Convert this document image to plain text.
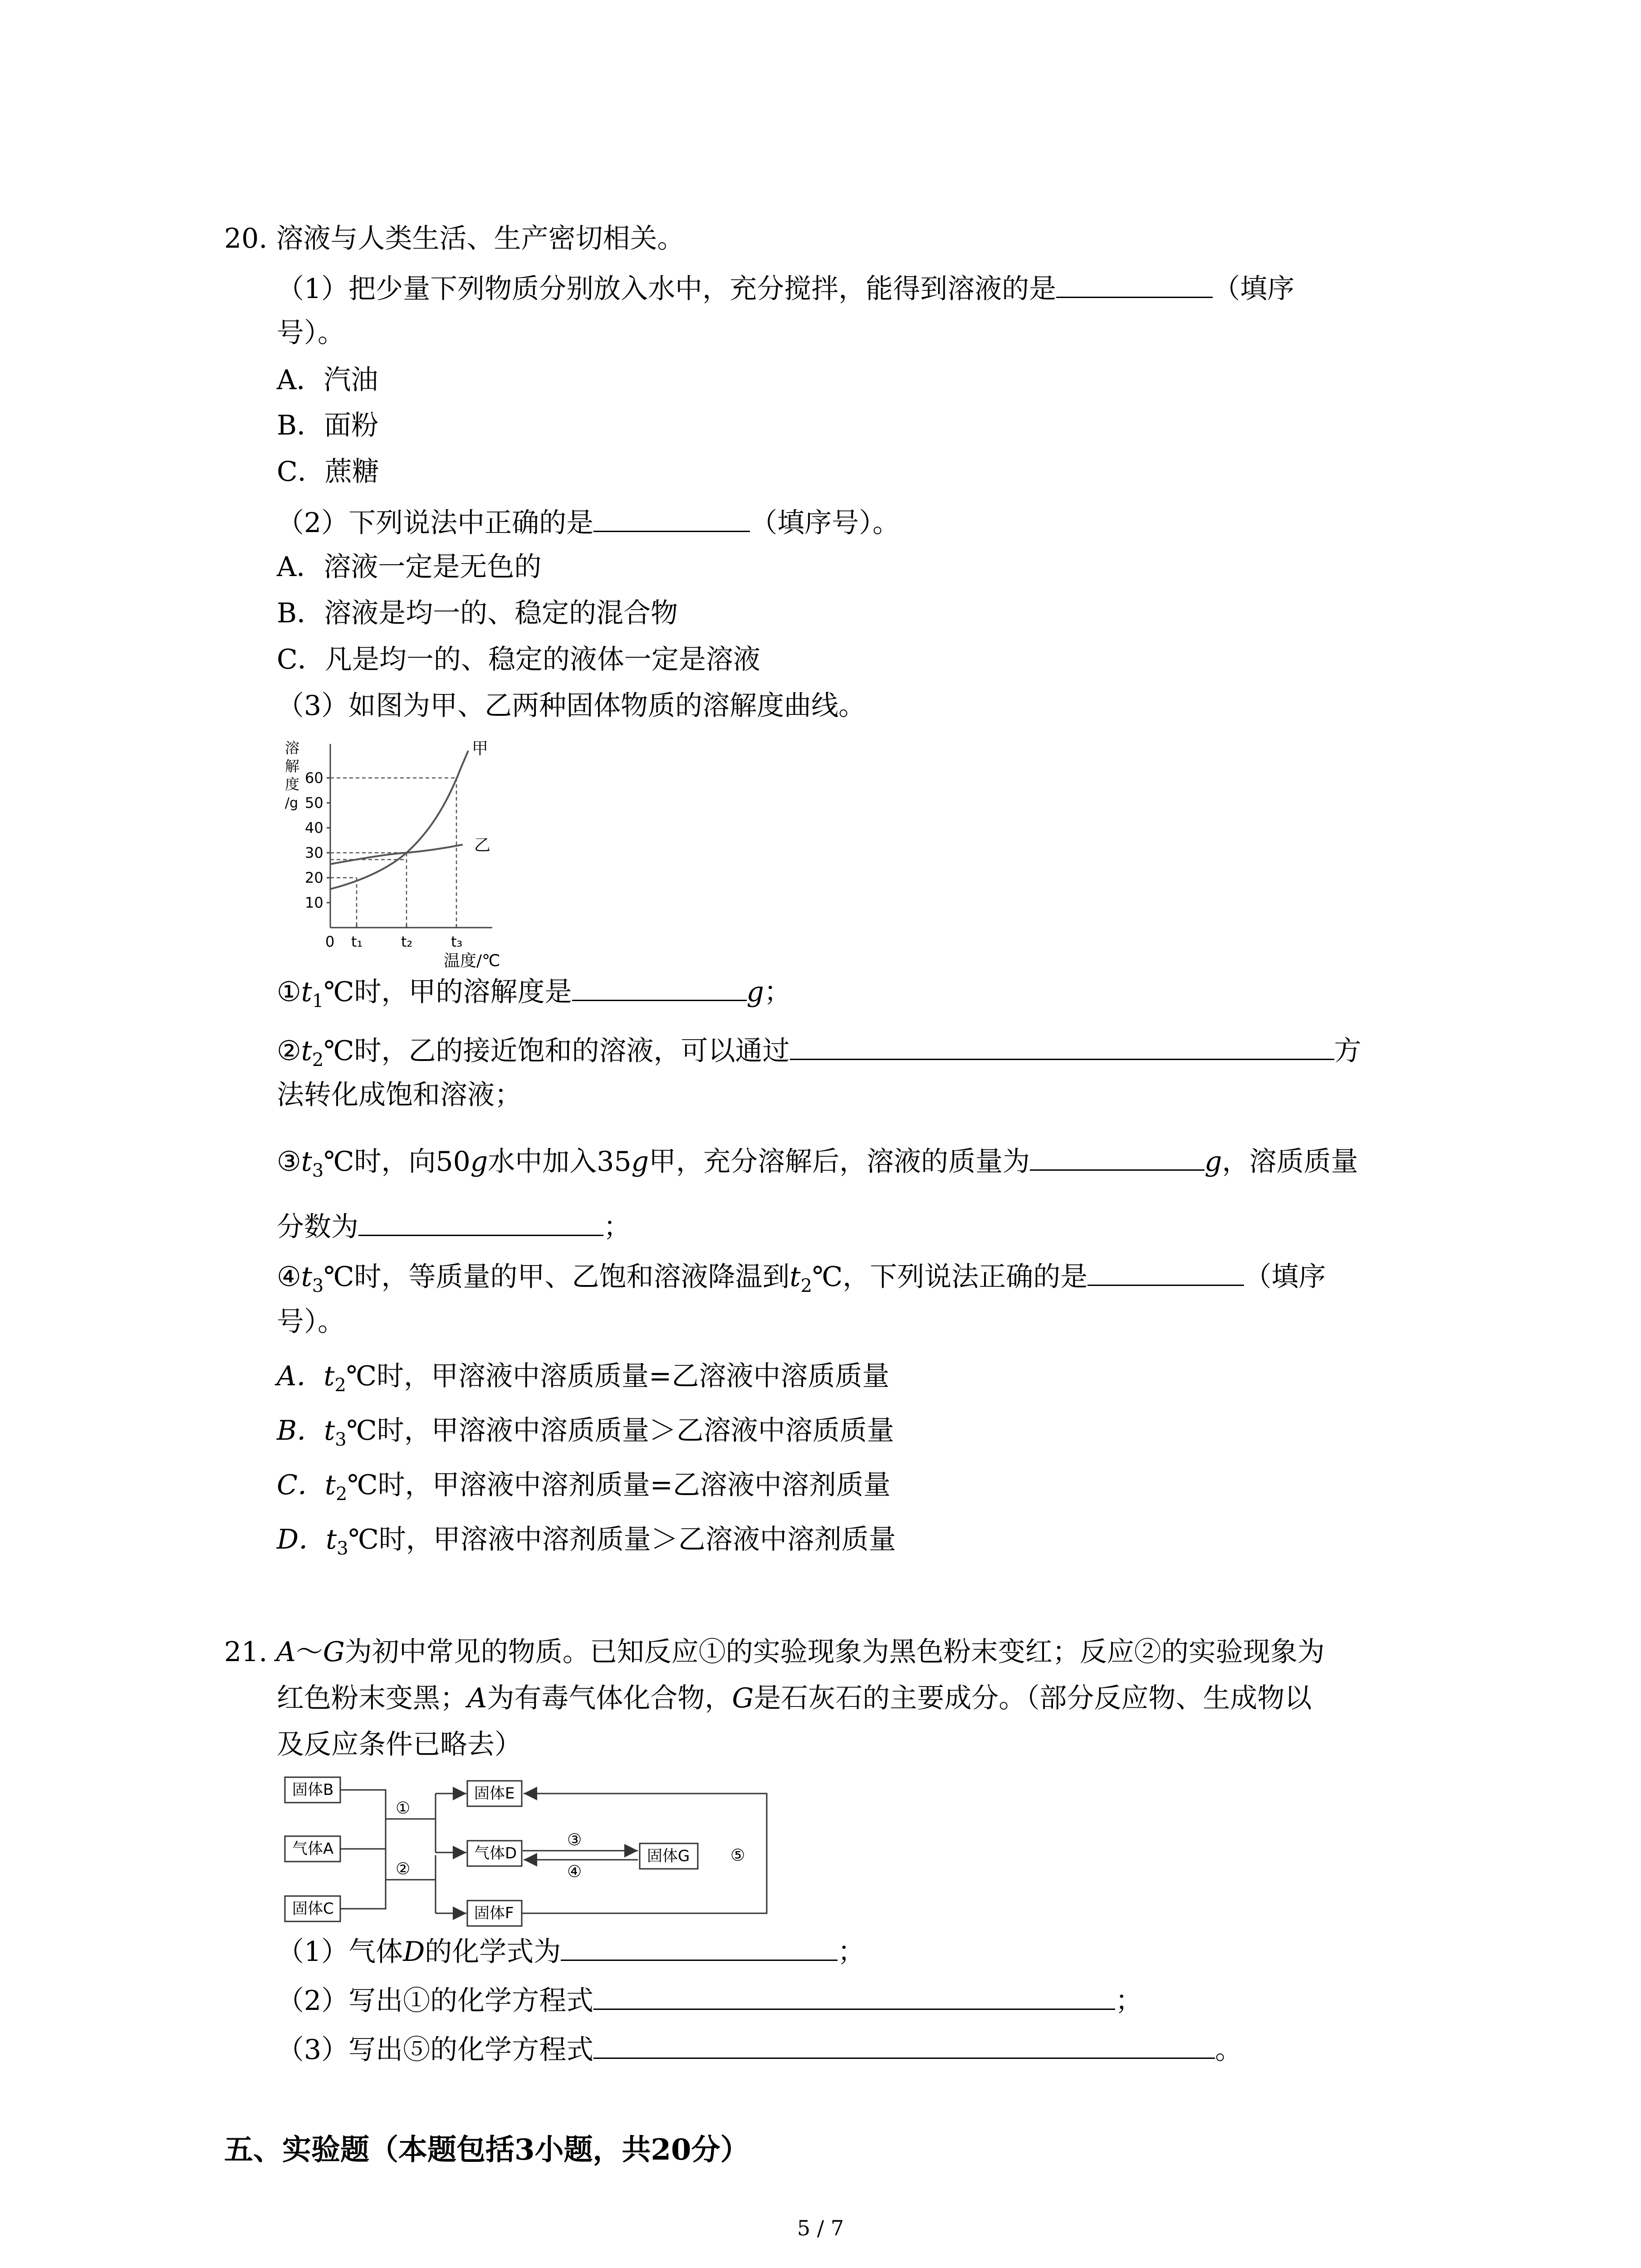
20. 溶液与人类生活、生产密切相关。
（1）把少量下列物质分别放入水中，充分搅拌，能得到溶液的是	（填序
号）。
A．汽油
B．面粉
C．蔗糖
（2）下列说法中正确的是	（填序号）。
A．溶液一定是无色的
B．溶液是均一的、稳定的混合物
C．凡是均一的、稳定的液体一定是溶液
（3）如图为甲、乙两种固体物质的溶解度曲线。
溶
解
度
/g
60
50
40
30
20
10
0 t₁	t₂	t₃
温度/℃
甲
乙
$①t_1℃$时，甲的溶解度是	g；
$②t_2℃$时，乙的接近饱和的溶液，可以通过	方
法转化成饱和溶液；
$③t_3℃$时，向50g水中加入35g甲，充分溶解后，溶液的质量为	g，溶质质量
分数为	；
$④t_3℃$时，等质量的甲、乙饱和溶液降温到$t_2℃$，下列说法正确的是	（填序
号）。
A．$t_2℃$时，甲溶液中溶质质量=乙溶液中溶质质量
B．$t_3℃$时，甲溶液中溶质质量＞乙溶液中溶质质量
C．$t_2℃$时，甲溶液中溶剂质量=乙溶液中溶剂质量
D．$t_3℃$时，甲溶液中溶剂质量＞乙溶液中溶剂质量
21. A～G为初中常见的物质。已知反应①的实验现象为黑色粉末变红；反应②的实验现象为
红色粉末变黑；A为有毒气体化合物，G是石灰石的主要成分。（部分反应物、生成物以
及反应条件已略去）
固体B
气体A
固体C
固体E
气体D
固体F
固体G
①
②
③
④
⑤
（1）气体D的化学式为	；
（2）写出①的化学方程式	；
（3）写出⑤的化学方程式	。
五、实验题（本题包括3小题，共20分）
5 / 7
